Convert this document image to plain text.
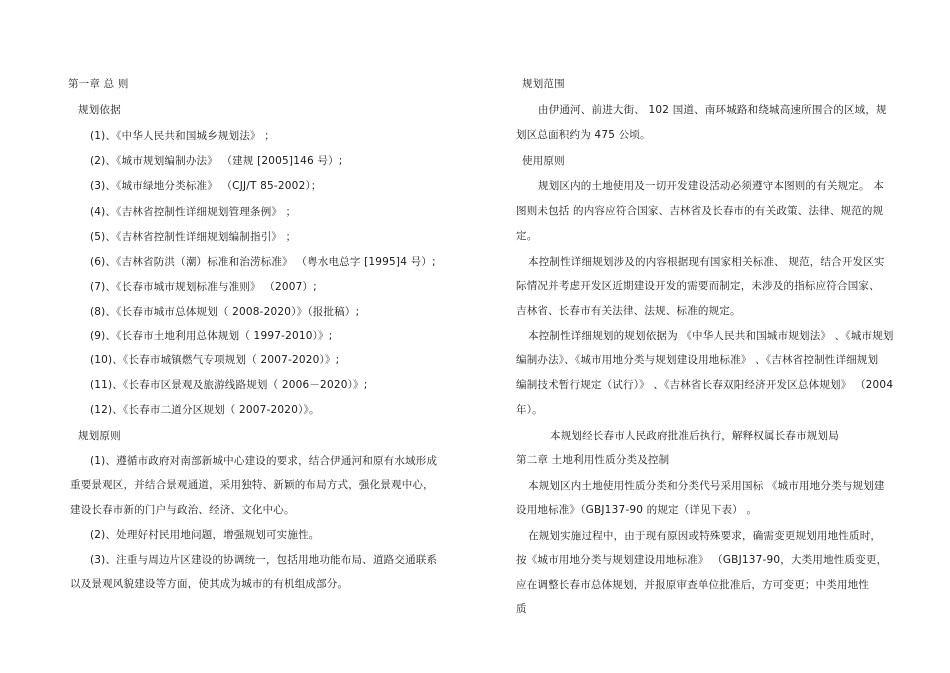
第一章 总 则
规划依据
(1)、《中华人民共和国城乡规划法》 ；
(2)、《城市规划编制办法》 （建规 [2005]146 号）;
(3)、《城市绿地分类标准》 （CJJ/T 85-2002）；
(4)、《吉林省控制性详细规划管理条例》 ；
(5)、《吉林省控制性详细规划编制指引》 ；
(6)、《吉林省防洪（潮）标准和治涝标准》 （粤水电总字 [1995]4 号）;
(7)、《长春市城市规划标准与准则》 （2007）;
(8)、《长春市城市总体规划（ 2008-2020）》（报批稿）;
(9)、《长春市土地利用总体规划（ 1997-2010）》;
(10)、《长春市城镇燃气专项规划（ 2007-2020）》;
(11)、《长春市区景观及旅游线路规划（ 2006－2020）》;
(12)、《长春市二道分区规划（ 2007-2020）》。
规划原则
(1)、遵循市政府对南部新城中心建设的要求，结合伊通河和原有水域形成
重要景观区，并结合景观通道，采用独特、新颖的布局方式，强化景观中心，
建设长春市新的门户与政治、经济、文化中心。
(2)、处理好村民用地问题，增强规划可实施性。
(3)、注重与周边片区建设的协调统一，包括用地功能布局、道路交通联系
以及景观风貌建设等方面，使其成为城市的有机组成部分。
规划范围
由伊通河、前进大街、 102 国道、南环城路和绕城高速所围合的区域，规
划区总面积约为 475 公顷。
使用原则
规划区内的土地使用及一切开发建设活动必须遵守本图则的有关规定。 本
图则未包括 的内容应符合国家、吉林省及长春市的有关政策、法律、规范的规
定。
本控制性详细规划涉及的内容根据现有国家相关标准、 规范，结合开发区实
际情况并考虑开发区近期建设开发的需要而制定，未涉及的指标应符合国家、
吉林省、长春市有关法律、法规、标准的规定。
本控制性详细规划的规划依据为 《中华人民共和国城市规划法》 、《城市规划
编制办法》、《城市用地分类与规划建设用地标准》 、《吉林省控制性详细规划
编制技术暂行规定（试行）》 、《吉林省长春双阳经济开发区总体规划》 （2004
年）。
本规划经长春市人民政府批准后执行，解释权属长春市规划局
第二章 土地利用性质分类及控制
本规划区内土地使用性质分类和分类代号采用国标 《城市用地分类与规划建
设用地标准》（GBJ137-90 的规定（详见下表） 。
在规划实施过程中，由于现有原因或特殊要求，确需变更规划用地性质时，
按《城市用地分类与规划建设用地标准》 （GBJ137-90，大类用地性质变更，
应在调整长春市总体规划，并报原审查单位批准后，方可变更；中类用地性
质
